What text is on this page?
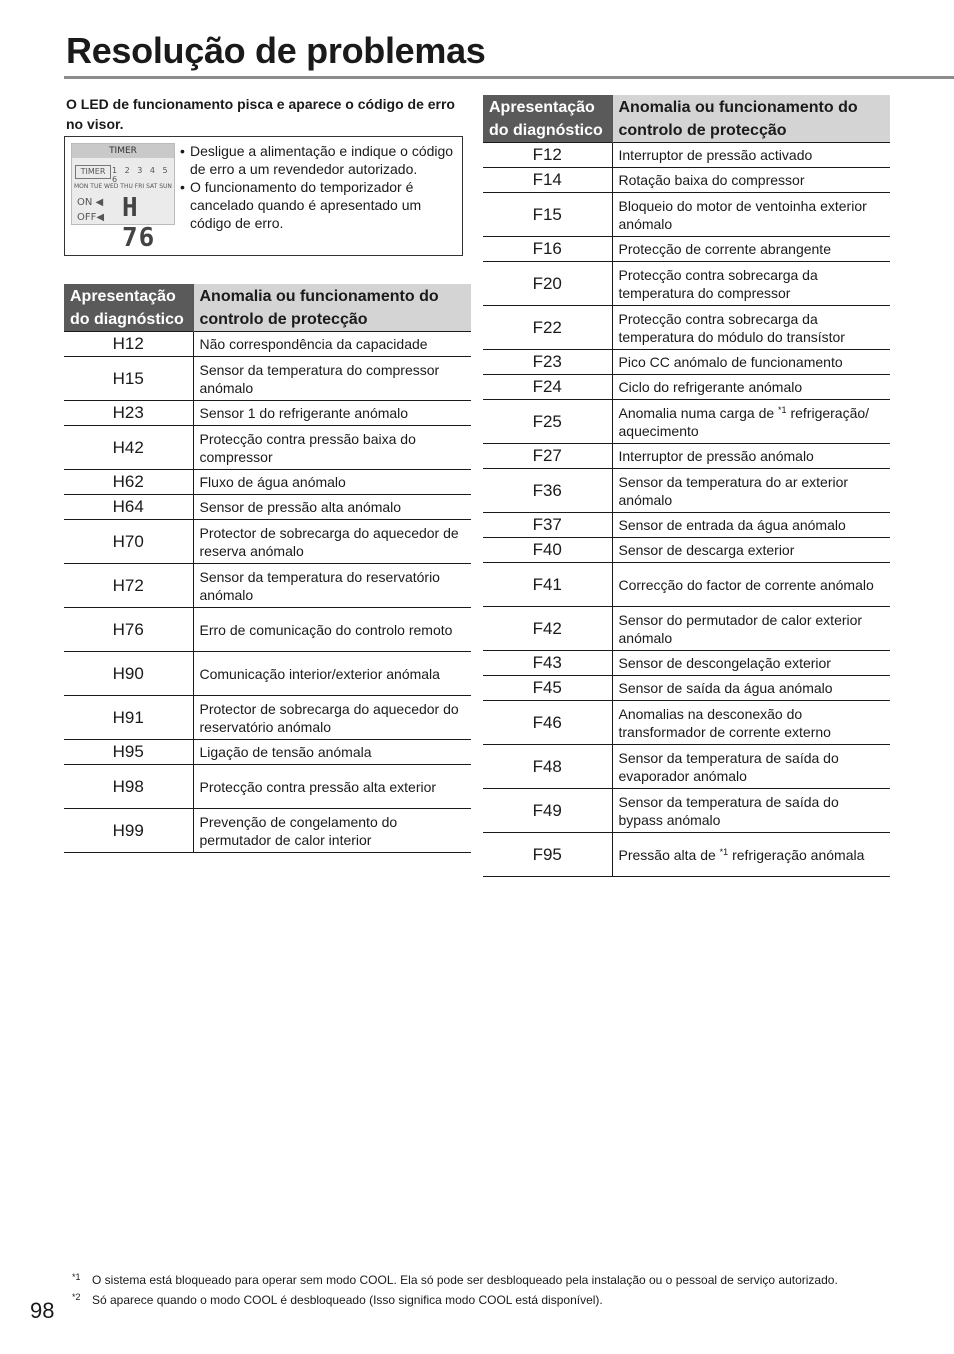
Resolução de problemas
O LED de funcionamento pisca e aparece o código de erro no visor.
TIMER
TIMER 1 2 3 4 5 6
MON TUE WED THU FRI SAT SUN
ON ◀
OFF◀ H 76
• Desligue a alimentação e indique o código de erro a um revendedor autorizado.
• O funcionamento do temporizador é cancelado quando é apresentado um código de erro.
Apresentação do diagnóstico	Anomalia ou funcionamento do controlo de protecção
H12	Não correspondência da capacidade
H15	Sensor da temperatura do compressor anómalo
H23	Sensor 1 do refrigerante anómalo
H42	Protecção contra pressão baixa do compressor
H62	Fluxo de água anómalo
H64	Sensor de pressão alta anómalo
H70	Protector de sobrecarga do aquecedor de reserva anómalo
H72	Sensor da temperatura do reservatório anómalo
H76	Erro de comunicação do controlo remoto
H90	Comunicação interior/exterior anómala
H91	Protector de sobrecarga do aquecedor do reservatório anómalo
H95	Ligação de tensão anómala
H98	Protecção contra pressão alta exterior
H99	Prevenção de congelamento do permutador de calor interior
Apresentação do diagnóstico	Anomalia ou funcionamento do controlo de protecção
F12	Interruptor de pressão activado
F14	Rotação baixa do compressor
F15	Bloqueio do motor de ventoinha exterior anómalo
F16	Protecção de corrente abrangente
F20	Protecção contra sobrecarga da temperatura do compressor
F22	Protecção contra sobrecarga da temperatura do módulo do transístor
F23	Pico CC anómalo de funcionamento
F24	Ciclo do refrigerante anómalo
F25	Anomalia numa carga de $^{*1}$ refrigeração/ aquecimento
F27	Interruptor de pressão anómalo
F36	Sensor da temperatura do ar exterior anómalo
F37	Sensor de entrada da água anómalo
F40	Sensor de descarga exterior
F41	Correcção do factor de corrente anómalo
F42	Sensor do permutador de calor exterior anómalo
F43	Sensor de descongelação exterior
F45	Sensor de saída da água anómalo
F46	Anomalias na desconexão do transformador de corrente externo
F48	Sensor da temperatura de saída do evaporador anómalo
F49	Sensor da temperatura de saída do bypass anómalo
F95	Pressão alta de $^{*1}$ refrigeração anómala
*1 O sistema está bloqueado para operar sem modo COOL. Ela só pode ser desbloqueado pela instalação ou o pessoal de serviço autorizado.
*2 Só aparece quando o modo COOL é desbloqueado (Isso significa modo COOL está disponível).
98
